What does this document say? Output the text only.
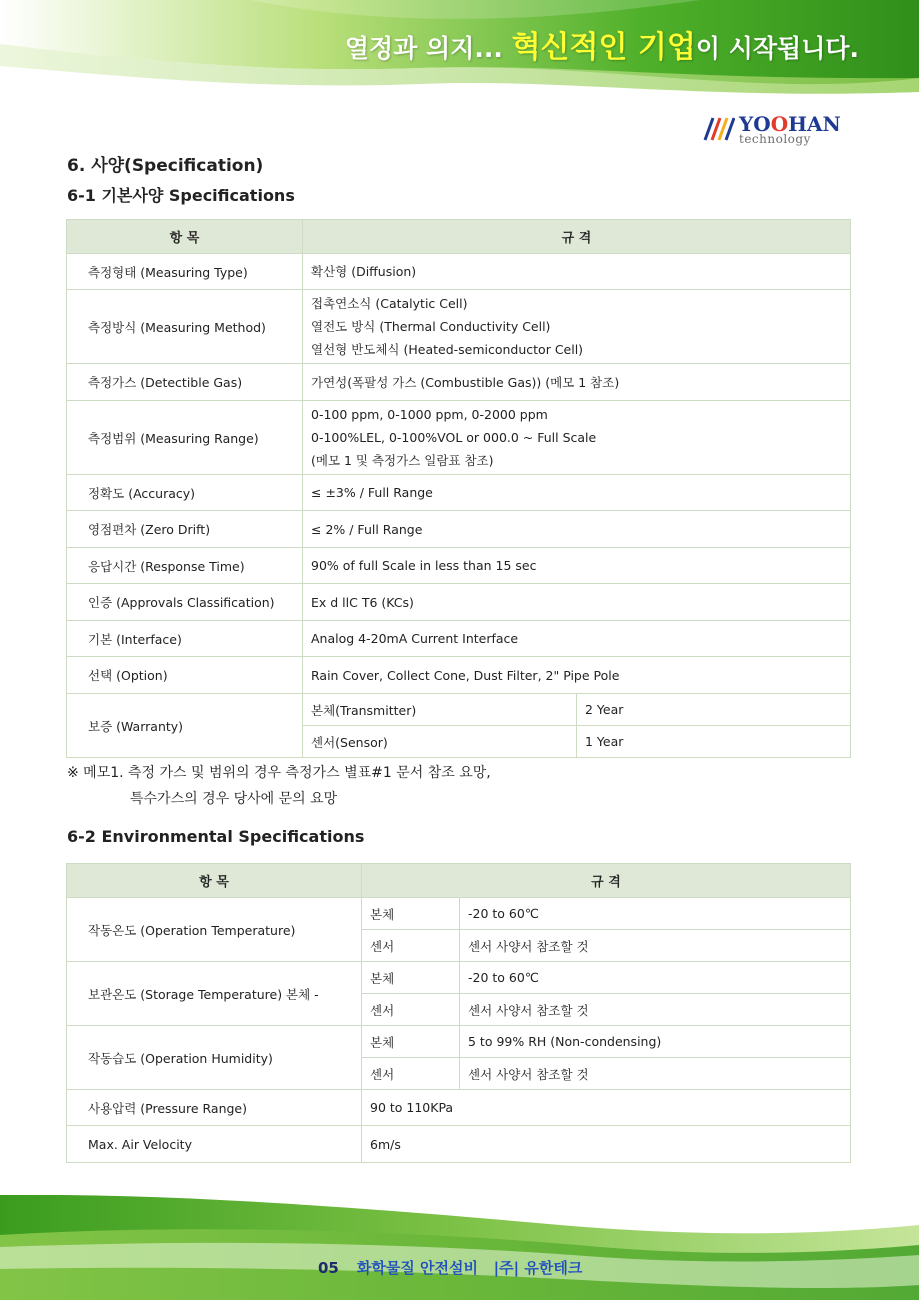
열정과 의지... 혁신적인 기업이 시작됩니다.
YOOHAN
technology
6. 사양(Specification)
6-1 기본사양 Specifications
항 목	규 격	
측정형태 (Measuring Type)	확산형 (Diffusion)	

측정방식 (Measuring Method)	접촉연소식 (Catalytic Cell)
열전도 방식 (Thermal Conductivity Cell)
열선형 반도체식 (Heated-semiconductor Cell)	

측정가스 (Detectible Gas)	가연성(폭팔성 가스 (Combustible Gas)) (메모 1 참조)	

측정범위 (Measuring Range)	0-100 ppm, 0-1000 ppm, 0-2000 ppm
0-100%LEL, 0-100%VOL or 000.0 ~ Full Scale
(메모 1 및 측정가스 일람표 참조)	

정확도 (Accuracy)	≤ ±3% / Full Range	

영점편차 (Zero Drift)	≤ 2% / Full Range	

응답시간 (Response Time)	90% of full Scale in less than 15 sec	

인증 (Approvals Classification)	Ex d llC T6 (KCs)	

기본 (Interface)	Analog 4-20mA Current Interface	

선택 (Option)	Rain Cover, Collect Cone, Dust Filter, 2" Pipe Pole	

보증 (Warranty)	본체(Transmitter)	2 Year
	센서(Sensor)	1 Year
※ 메모1. 측정 가스 및 범위의 경우 측정가스 별표#1 문서 참조 요망,
특수가스의 경우 당사에 문의 요망
6-2 Environmental Specifications
항 목	규 격	
작동온도 (Operation Temperature)	본체	-20 to 60℃
	센서	센서 사양서 참조할 것
보관온도 (Storage Temperature) 본체 -	본체	-20 to 60℃
	센서	센서 사양서 참조할 것
작동습도 (Operation Humidity)	본체	5 to 99% RH (Non-condensing)
	센서	센서 사양서 참조할 것
사용압력 (Pressure Range)	90 to 110KPa	
Max. Air Velocity	6m/s	
05 화학물질 안전설비   |주| 유한테크
